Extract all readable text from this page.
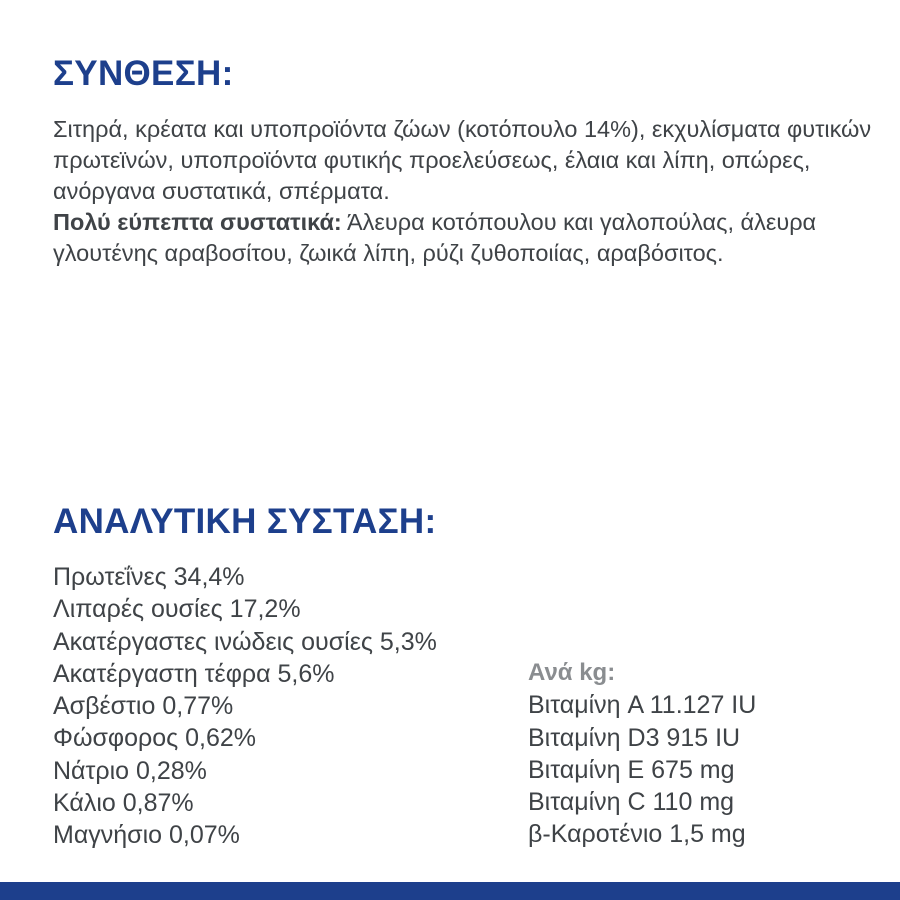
ΣΥΝΘΕΣΗ:
Σιτηρά, κρέατα και υποπροϊόντα ζώων (κοτόπουλο 14%), εκχυλίσματα φυτικών πρωτεϊνών, υποπροϊόντα φυτικής προελεύσεως, έλαια και λίπη, οπώρες, ανόργανα συστατικά, σπέρματα.
Πολύ εύπεπτα συστατικά: Άλευρα κοτόπουλου και γαλοπούλας, άλευρα γλουτένης αραβοσίτου, ζωικά λίπη, ρύζι ζυθοποιίας, αραβόσιτος.
ΑΝΑΛΥΤΙΚΗ ΣΥΣΤΑΣΗ:
Πρωτεΐνες 34,4%
Λιπαρές ουσίες 17,2%
Ακατέργαστες ινώδεις ουσίες 5,3%
Ακατέργαστη τέφρα 5,6%
Ασβέστιο 0,77%
Φώσφορος 0,62%
Νάτριο 0,28%
Κάλιο 0,87%
Μαγνήσιο 0,07%
Ανά kg:
Βιταμίνη A 11.127 IU
Βιταμίνη D3 915 IU
Βιταμίνη E 675 mg
Βιταμίνη C 110 mg
β-Καροτένιο 1,5 mg
